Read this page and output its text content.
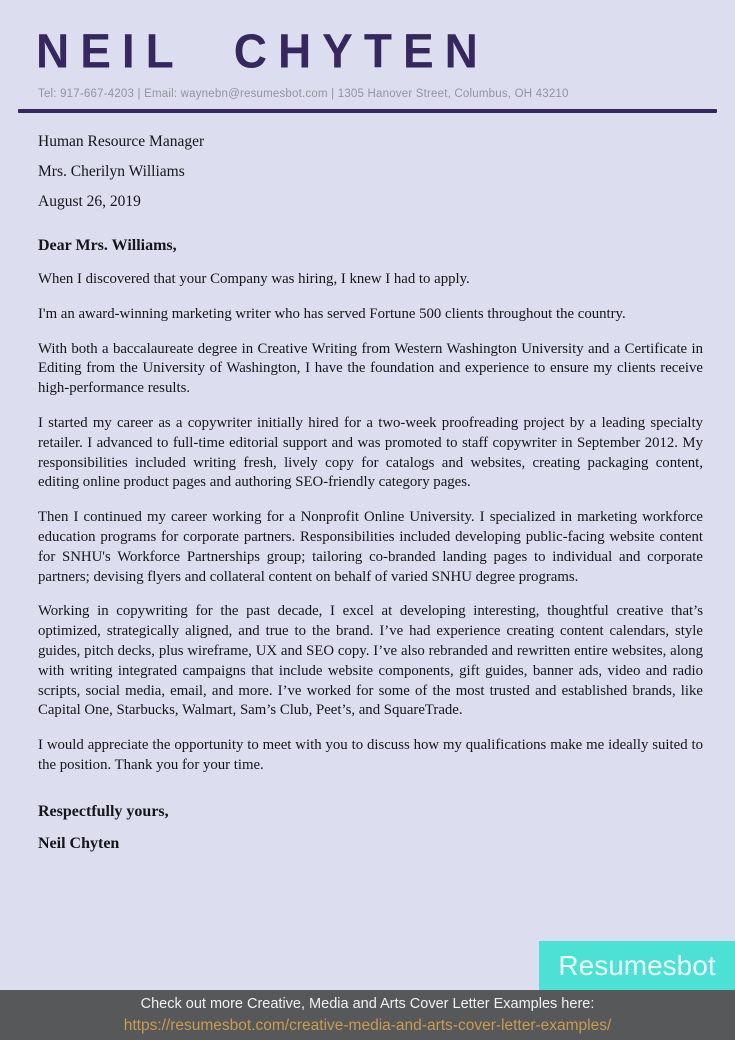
NEIL CHYTEN
Tel: 917-667-4203 | Email: waynebn@resumesbot.com | 1305 Hanover Street, Columbus, OH 43210

Human Resource Manager

Mrs. Cherilyn Williams

August 26, 2019

Dear Mrs. Williams,

When I discovered that your Company was hiring, I knew I had to apply.

I'm an award-winning marketing writer who has served Fortune 500 clients throughout the country.

With both a baccalaureate degree in Creative Writing from Western Washington University and a Certificate in Editing from the University of Washington, I have the foundation and experience to ensure my clients receive high-performance results.

I started my career as a copywriter initially hired for a two-week proofreading project by a leading specialty retailer. I advanced to full-time editorial support and was promoted to staff copywriter in September 2012. My responsibilities included writing fresh, lively copy for catalogs and websites, creating packaging content, editing online product pages and authoring SEO-friendly category pages.

Then I continued my career working for a Nonprofit Online University. I specialized in marketing workforce education programs for corporate partners. Responsibilities included developing public-facing website content for SNHU's Workforce Partnerships group; tailoring co-branded landing pages to individual and corporate partners; devising flyers and collateral content on behalf of varied SNHU degree programs.

Working in copywriting for the past decade, I excel at developing interesting, thoughtful creative that’s optimized, strategically aligned, and true to the brand. I’ve had experience creating content calendars, style guides, pitch decks, plus wireframe, UX and SEO copy. I’ve also rebranded and rewritten entire websites, along with writing integrated campaigns that include website components, gift guides, banner ads, video and radio scripts, social media, email, and more. I’ve worked for some of the most trusted and established brands, like Capital One, Starbucks, Walmart, Sam’s Club, Peet’s, and SquareTrade.

I would appreciate the opportunity to meet with you to discuss how my qualifications make me ideally suited to the position. Thank you for your time.

Respectfully yours,

Neil Chyten

Resumesbot
Check out more Creative, Media and Arts Cover Letter Examples here:
https://resumesbot.com/creative-media-and-arts-cover-letter-examples/
